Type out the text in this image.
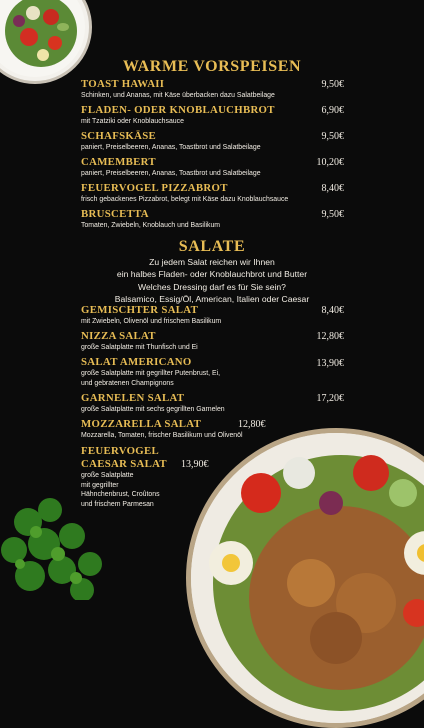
WARME VORSPEISEN
TOAST HAWAII
Schinken, und Ananas, mit Käse überbacken dazu Salatbeilage
9,50€
FLADEN- ODER KNOBLAUCHBROT
mit Tzatziki oder Knoblauchsauce
6,90€
SCHAFSKÄSE
paniert, Preiselbeeren, Ananas, Toastbrot und Salatbeilage
9,50€
CAMEMBERT
paniert, Preiselbeeren, Ananas, Toastbrot und Salatbeilage
10,20€
FEUERVOGEL PIZZABROT
frisch gebackenes Pizzabrot, belegt mit Käse dazu Knoblauchsauce
8,40€
BRUSCETTA
Tomaten, Zwiebeln, Knoblauch und Basilikum
9,50€
SALATE
Zu jedem Salat reichen wir Ihnen
ein halbes Fladen- oder Knoblauchbrot und Butter
Welches Dressing darf es für Sie sein?
Balsamico, Essig/Öl, American, Italien oder Caesar
GEMISCHTER SALAT
mit Zwiebeln, Olivenöl und frischem Basilikum
8,40€
NIZZA SALAT
große Salatplatte mit Thunfisch und Ei
12,80€
SALAT AMERICANO
große Salatplatte mit gegrillter Putenbrust, Ei,
und gebratenen Champignons
13,90€
GARNELEN SALAT
große Salatplatte mit sechs gegrillten Garnelen
17,20€
MOZZARELLA SALAT
Mozzarella, Tomaten, frischer Basilikum und Olivenöl
12,80€
FEUERVOGEL
CAESAR SALAT
große Salatplatte
mit gegrillter
Hähnchenbrust, Croûtons
und frischem Parmesan
13,90€
